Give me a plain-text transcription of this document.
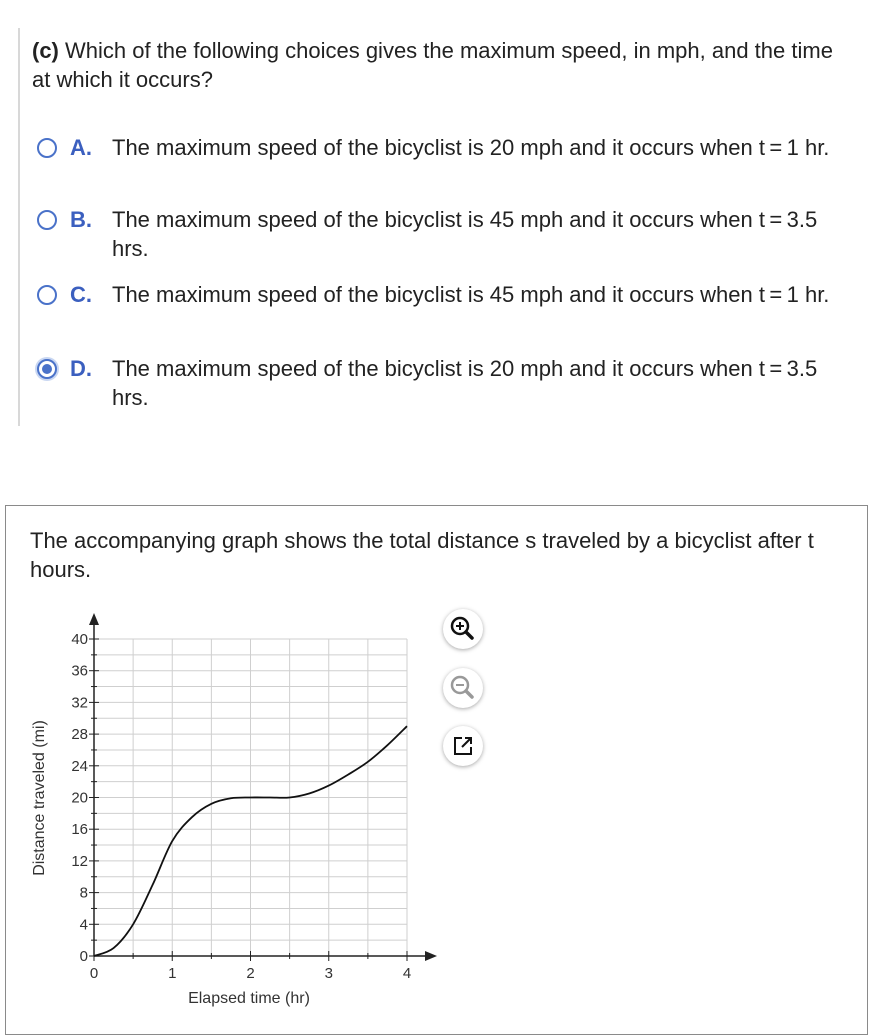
(c) Which of the following choices gives the maximum speed, in mph, and the time at which it occurs?
A. The maximum speed of the bicyclist is 20 mph and it occurs when t = 1 hr.
B. The maximum speed of the bicyclist is 45 mph and it occurs when t = 3.5 hrs.
C. The maximum speed of the bicyclist is 45 mph and it occurs when t = 1 hr.
D. The maximum speed of the bicyclist is 20 mph and it occurs when t = 3.5 hrs.
The accompanying graph shows the total distance s traveled by a bicyclist after t hours.
0
4
8
12
16
20
24
28
32
36
40
0	1	2	3	4
Elapsed time (hr)
Distance traveled (mi)
